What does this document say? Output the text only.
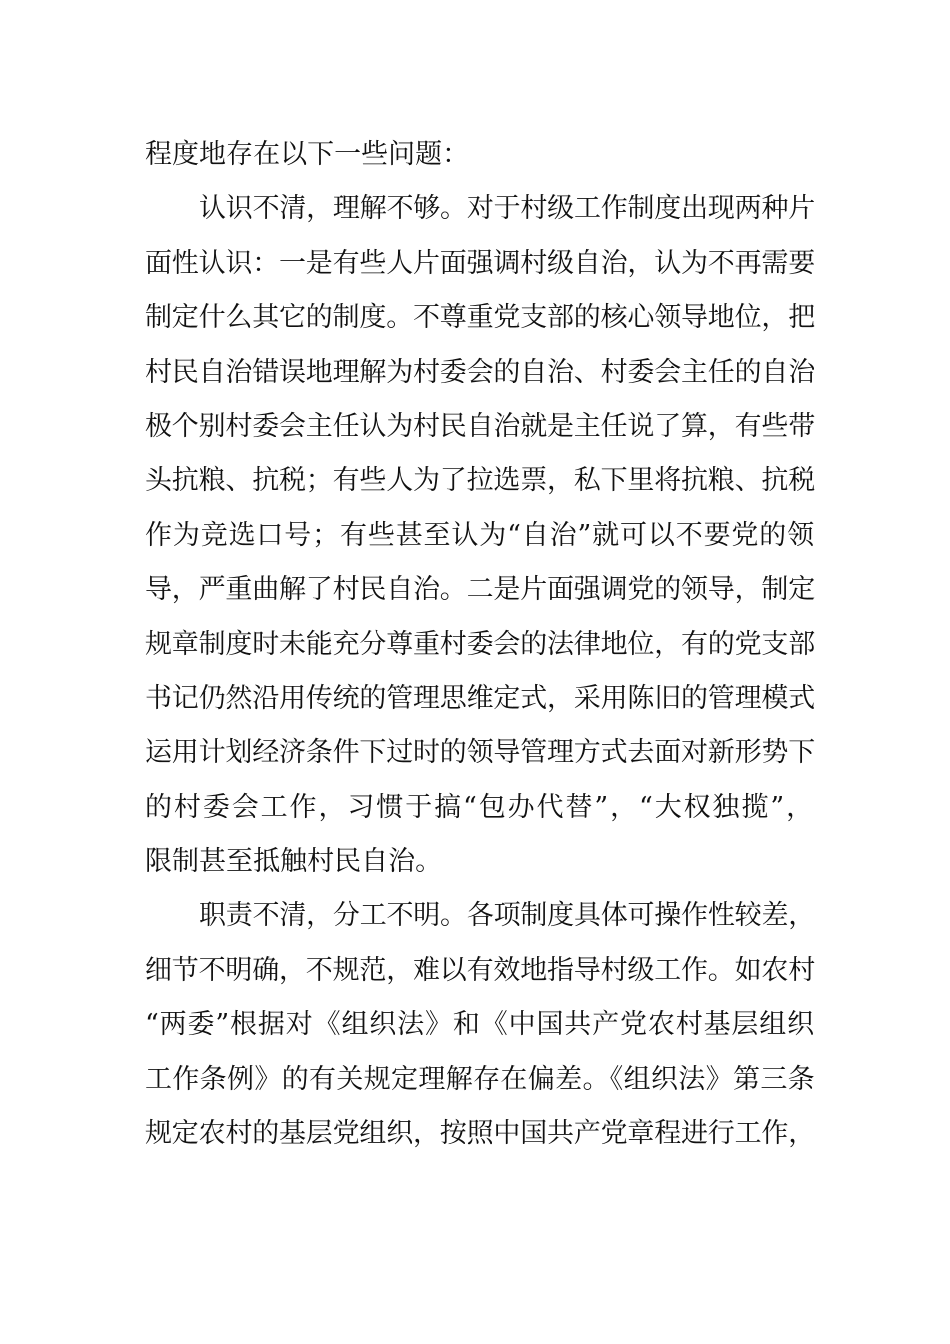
程度地存在以下一些问题：
认识不清，理解不够。对于村级工作制度出现两种片
面性认识：一是有些人片面强调村级自治，认为不再需要
制定什么其它的制度。不尊重党支部的核心领导地位，把
村民自治错误地理解为村委会的自治、村委会主任的自治
极个别村委会主任认为村民自治就是主任说了算，有些带
头抗粮、抗税；有些人为了拉选票，私下里将抗粮、抗税
作为竞选口号；有些甚至认为“自治”就可以不要党的领
导，严重曲解了村民自治。二是片面强调党的领导，制定
规章制度时未能充分尊重村委会的法律地位，有的党支部
书记仍然沿用传统的管理思维定式，采用陈旧的管理模式
运用计划经济条件下过时的领导管理方式去面对新形势下
的村委会工作，习惯于搞“包办代替”，“大权独揽”，
限制甚至抵触村民自治。
职责不清，分工不明。各项制度具体可操作性较差，
细节不明确，不规范，难以有效地指导村级工作。如农村
“两委”根据对《组织法》和《中国共产党农村基层组织
工作条例》的有关规定理解存在偏差。《组织法》第三条
规定农村的基层党组织，按照中国共产党章程进行工作，
